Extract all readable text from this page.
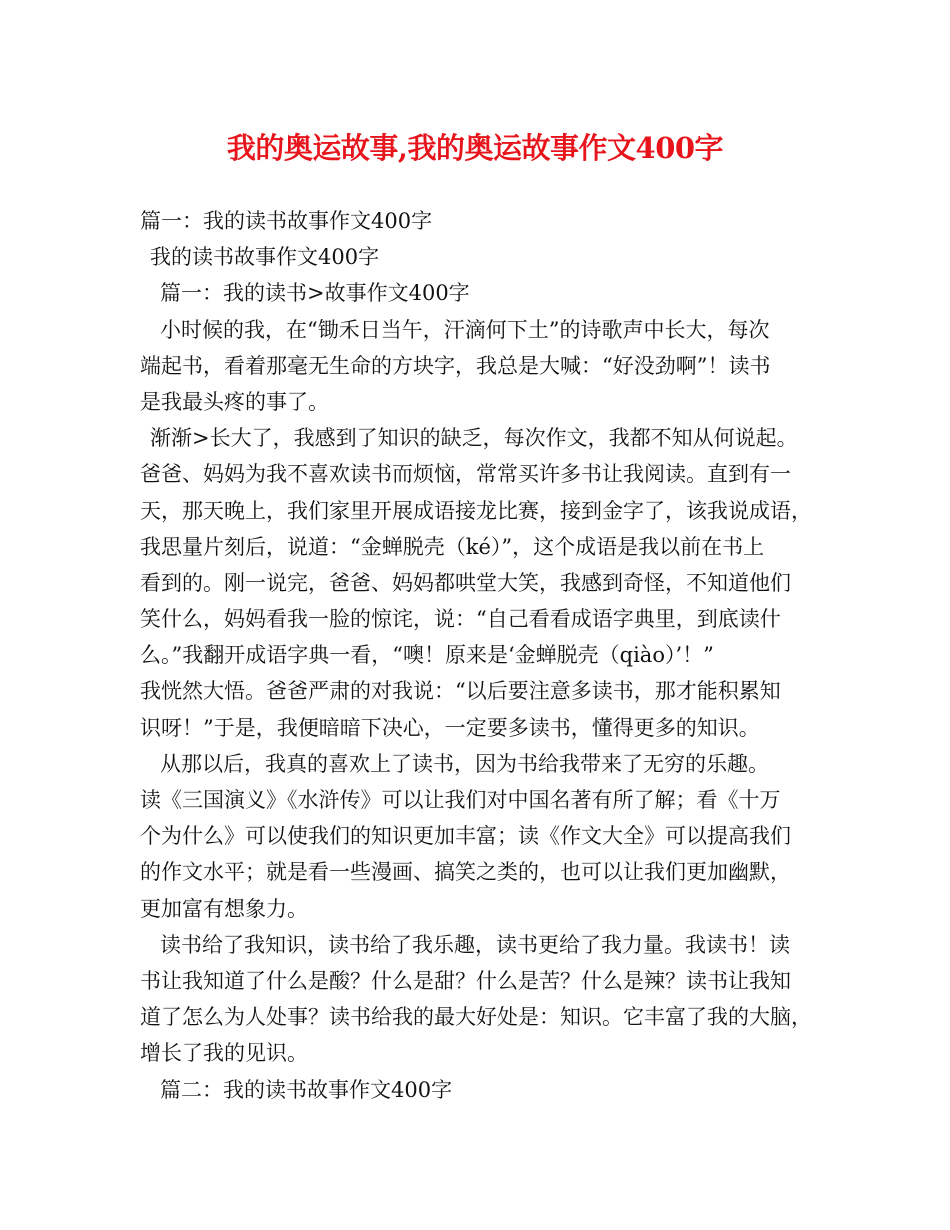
我的奥运故事,我的奥运故事作文400字
篇一：我的读书故事作文400字
我的读书故事作文400字
篇一：我的读书>故事作文400字
小时候的我，在“锄禾日当午，汗滴何下土”的诗歌声中长大，每次
端起书，看着那毫无生命的方块字，我总是大喊：“好没劲啊”！读书
是我最头疼的事了。
渐渐>长大了，我感到了知识的缺乏，每次作文，我都不知从何说起。
爸爸、妈妈为我不喜欢读书而烦恼，常常买许多书让我阅读。直到有一
天，那天晚上，我们家里开展成语接龙比赛，接到金字了，该我说成语，
我思量片刻后，说道：“金蝉脱壳（ké）”，这个成语是我以前在书上
看到的。刚一说完，爸爸、妈妈都哄堂大笑，我感到奇怪，不知道他们
笑什么，妈妈看我一脸的惊诧，说：“自己看看成语字典里，到底读什
么。”我翻开成语字典一看，“噢！原来是‘金蝉脱壳（qiào）’！”
我恍然大悟。爸爸严肃的对我说：“以后要注意多读书，那才能积累知
识呀！”于是，我便暗暗下决心，一定要多读书，懂得更多的知识。
从那以后，我真的喜欢上了读书，因为书给我带来了无穷的乐趣。
读《三国演义》《水浒传》可以让我们对中国名著有所了解；看《十万
个为什么》可以使我们的知识更加丰富；读《作文大全》可以提高我们
的作文水平；就是看一些漫画、搞笑之类的，也可以让我们更加幽默，
更加富有想象力。
读书给了我知识，读书给了我乐趣，读书更给了我力量。我读书！读
书让我知道了什么是酸？什么是甜？什么是苦？什么是辣？读书让我知
道了怎么为人处事？读书给我的最大好处是：知识。它丰富了我的大脑，
增长了我的见识。
篇二：我的读书故事作文400字
